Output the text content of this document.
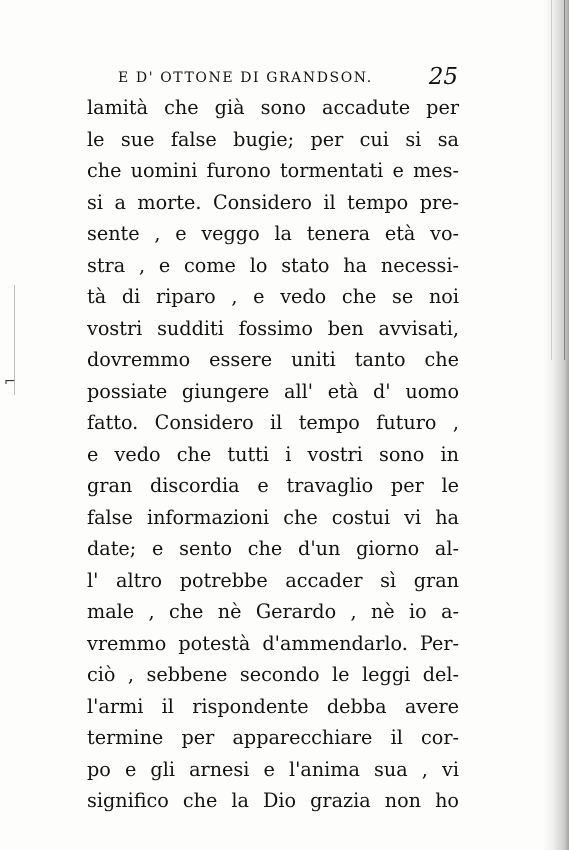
⌐
E D' OTTONE DI GRANDSON. 25
lamità che già sono accadute per
le sue false bugie; per cui si sa
che uomini furono tormentati e mes-
si a morte. Considero il tempo pre-
sente , e veggo la tenera età vo-
stra , e come lo stato ha necessi-
tà di riparo , e vedo che se noi
vostri sudditi fossimo ben avvisati,
dovremmo essere uniti tanto che
possiate giungere all' età d' uomo
fatto. Considero il tempo futuro ,
e vedo che tutti i vostri sono in
gran discordia e travaglio per le
false informazioni che costui vi ha
date; e sento che d'un giorno al-
l' altro potrebbe accader sì gran
male , che nè Gerardo , nè io a-
vremmo potestà d'ammendarlo. Per-
ciò , sebbene secondo le leggi del-
l'armi il rispondente debba avere
termine per apparecchiare il cor-
po e gli arnesi e l'anima sua , vi
significo che la Dio grazia non ho
